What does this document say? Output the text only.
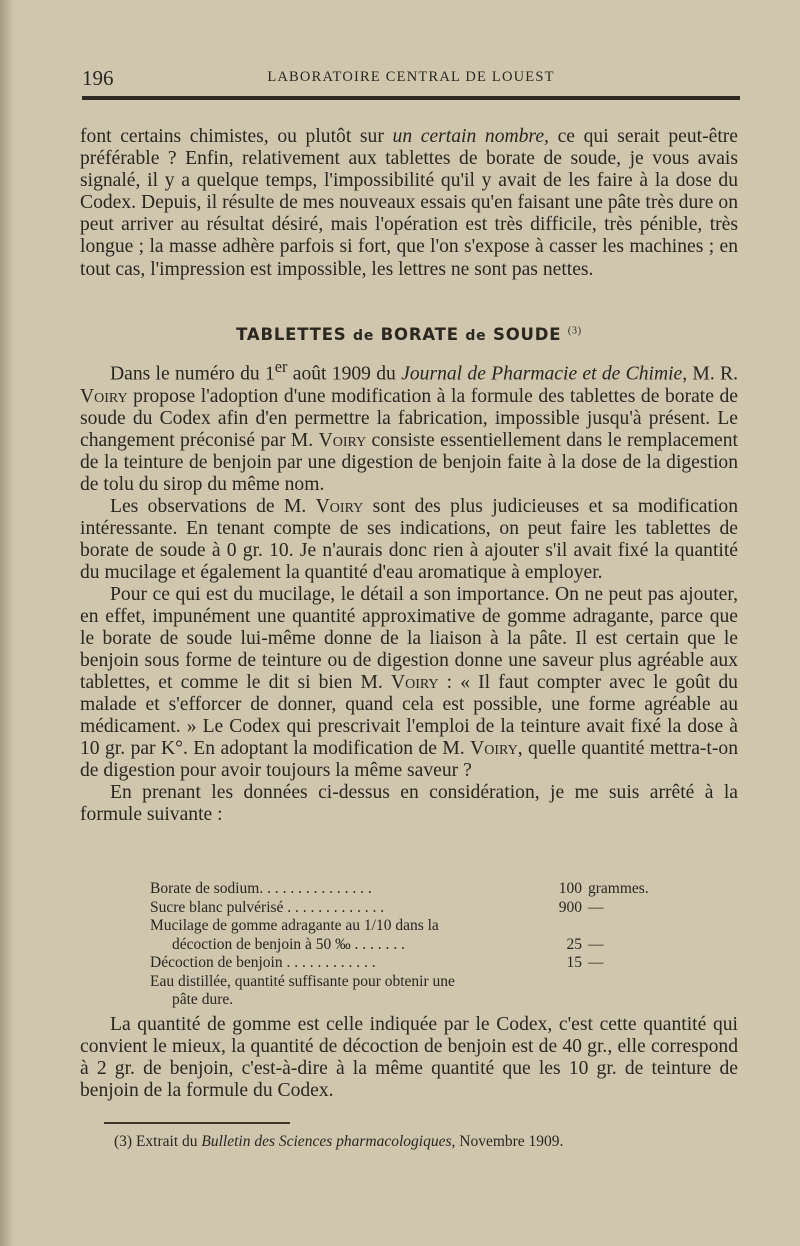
196	LABORATOIRE CENTRAL DE LOUEST

font certains chimistes, ou plutôt sur un certain nombre, ce qui serait peut-être préférable ? Enfin, relativement aux tablettes de borate de soude, je vous avais signalé, il y a quelque temps, l'impossibilité qu'il y avait de les faire à la dose du Codex. Depuis, il résulte de mes nouveaux essais qu'en faisant une pâte très dure on peut arriver au résultat désiré, mais l'opération est très difficile, très pénible, très longue ; la masse adhère parfois si fort, que l'on s'expose à casser les machines ; en tout cas, l'impression est impossible, les lettres ne sont pas nettes.

TABLETTES de BORATE de SOUDE $^{(3)}$

Dans le numéro du 1er août 1909 du Journal de Pharmacie et de Chimie, M. R. Voiry propose l'adoption d'une modification à la formule des tablettes de borate de soude du Codex afin d'en permettre la fabrication, impossible jusqu'à présent. Le changement préconisé par M. Voiry consiste essentiellement dans le remplacement de la teinture de benjoin par une digestion de benjoin faite à la dose de la digestion de tolu du sirop du même nom.

Les observations de M. Voiry sont des plus judicieuses et sa modification intéressante. En tenant compte de ses indications, on peut faire les tablettes de borate de soude à 0 gr. 10. Je n'aurais donc rien à ajouter s'il avait fixé la quantité du mucilage et également la quantité d'eau aromatique à employer.

Pour ce qui est du mucilage, le détail a son importance. On ne peut pas ajouter, en effet, impunément une quantité approximative de gomme adragante, parce que le borate de soude lui-même donne de la liaison à la pâte. Il est certain que le benjoin sous forme de teinture ou de digestion donne une saveur plus agréable aux tablettes, et comme le dit si bien M. Voiry : « Il faut compter avec le goût du malade et s'efforcer de donner, quand cela est possible, une forme agréable au médicament. » Le Codex qui prescrivait l'emploi de la teinture avait fixé la dose à 10 gr. par K°. En adoptant la modification de M. Voiry, quelle quantité mettra-t-on de digestion pour avoir toujours la même saveur ?

En prenant les données ci-dessus en considération, je me suis arrêté à la formule suivante :

Borate de sodium. . . . . . . . . . . . . . .	100 grammes.
Sucre blanc pulvérisé . . . . . . . . . . . . .	900 —
Mucilage de gomme adragante au 1/10 dans la
décoction de benjoin à 50 ‰ . . . . . . .	25 —
Décoction de benjoin . . . . . . . . . . . .	15 —
Eau distillée, quantité suffisante pour obtenir une
pâte dure.

La quantité de gomme est celle indiquée par le Codex, c'est cette quantité qui convient le mieux, la quantité de décoction de benjoin est de 40 gr., elle correspond à 2 gr. de benjoin, c'est-à-dire à la même quantité que les 10 gr. de teinture de benjoin de la formule du Codex.

(3) Extrait du Bulletin des Sciences pharmacologiques, Novembre 1909.
